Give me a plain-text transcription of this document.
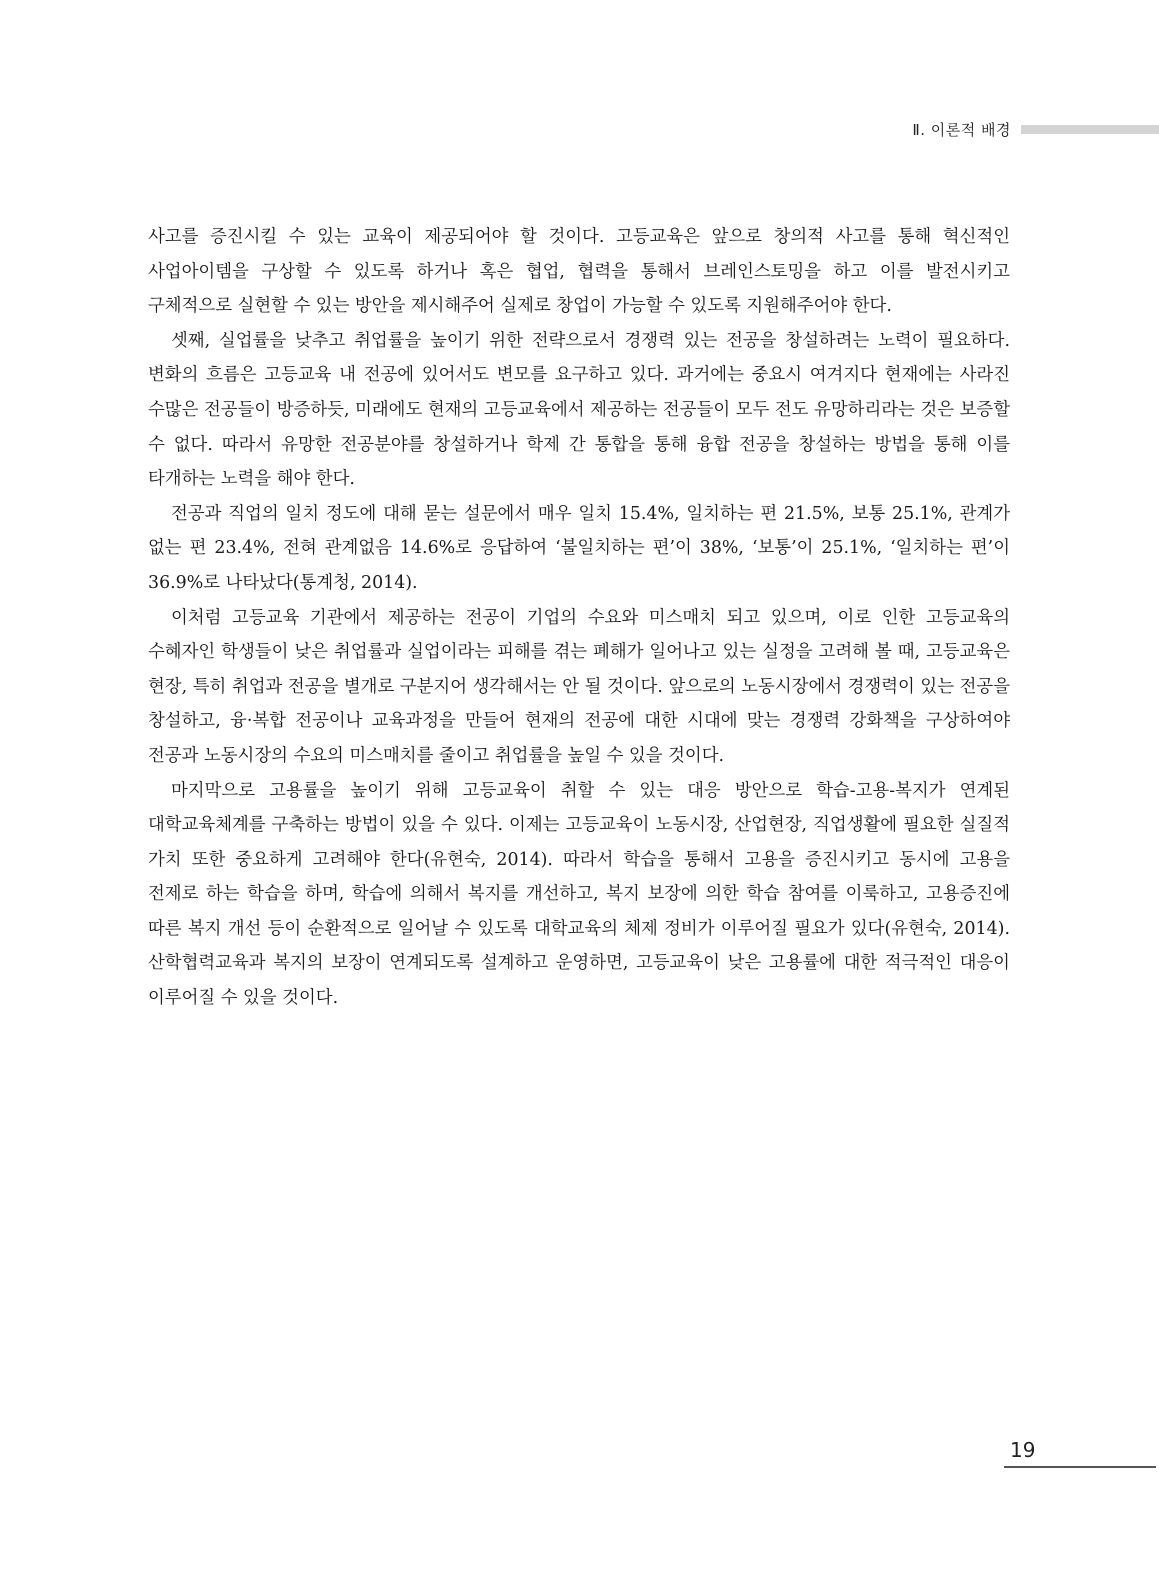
Ⅱ. 이론적 배경

사고를 증진시킬 수 있는 교육이 제공되어야 할 것이다. 고등교육은 앞으로 창의적 사고를 통해 혁신적인 사업아이템을 구상할 수 있도록 하거나 혹은 협업, 협력을 통해서 브레인스토밍을 하고 이를 발전시키고 구체적으로 실현할 수 있는 방안을 제시해주어 실제로 창업이 가능할 수 있도록 지원해주어야 한다.

셋째, 실업률을 낮추고 취업률을 높이기 위한 전략으로서 경쟁력 있는 전공을 창설하려는 노력이 필요하다. 변화의 흐름은 고등교육 내 전공에 있어서도 변모를 요구하고 있다. 과거에는 중요시 여겨지다 현재에는 사라진 수많은 전공들이 방증하듯, 미래에도 현재의 고등교육에서 제공하는 전공들이 모두 전도 유망하리라는 것은 보증할 수 없다. 따라서 유망한 전공분야를 창설하거나 학제 간 통합을 통해 융합 전공을 창설하는 방법을 통해 이를 타개하는 노력을 해야 한다.

전공과 직업의 일치 정도에 대해 묻는 설문에서 매우 일치 15.4%, 일치하는 편 21.5%, 보통 25.1%, 관계가 없는 편 23.4%, 전혀 관계없음 14.6%로 응답하여 ‘불일치하는 편’이 38%, ‘보통’이 25.1%, ‘일치하는 편’이 36.9%로 나타났다(통계청, 2014).

이처럼 고등교육 기관에서 제공하는 전공이 기업의 수요와 미스매치 되고 있으며, 이로 인한 고등교육의 수혜자인 학생들이 낮은 취업률과 실업이라는 피해를 겪는 폐해가 일어나고 있는 실정을 고려해 볼 때, 고등교육은 현장, 특히 취업과 전공을 별개로 구분지어 생각해서는 안 될 것이다. 앞으로의 노동시장에서 경쟁력이 있는 전공을 창설하고, 융·복합 전공이나 교육과정을 만들어 현재의 전공에 대한 시대에 맞는 경쟁력 강화책을 구상하여야 전공과 노동시장의 수요의 미스매치를 줄이고 취업률을 높일 수 있을 것이다.

마지막으로 고용률을 높이기 위해 고등교육이 취할 수 있는 대응 방안으로 학습-고용-복지가 연계된 대학교육체계를 구축하는 방법이 있을 수 있다. 이제는 고등교육이 노동시장, 산업현장, 직업생활에 필요한 실질적 가치 또한 중요하게 고려해야 한다(유현숙, 2014). 따라서 학습을 통해서 고용을 증진시키고 동시에 고용을 전제로 하는 학습을 하며, 학습에 의해서 복지를 개선하고, 복지 보장에 의한 학습 참여를 이룩하고, 고용증진에 따른 복지 개선 등이 순환적으로 일어날 수 있도록 대학교육의 체제 정비가 이루어질 필요가 있다(유현숙, 2014). 산학협력교육과 복지의 보장이 연계되도록 설계하고 운영하면, 고등교육이 낮은 고용률에 대한 적극적인 대응이 이루어질 수 있을 것이다.

19
